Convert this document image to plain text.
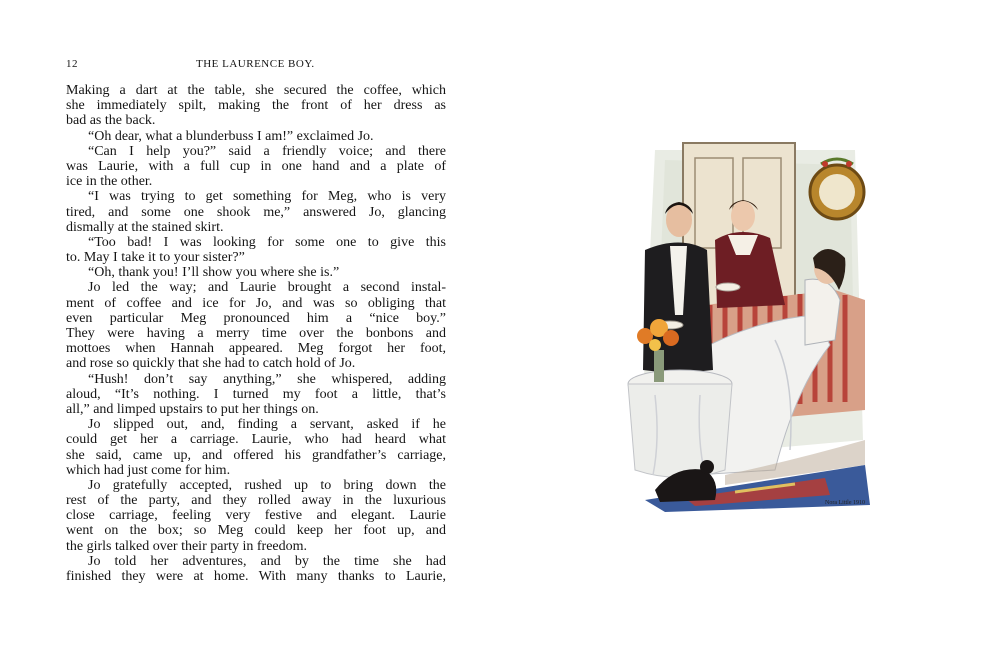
12	THE LAURENCE BOY.
Making a dart at the table, she secured the coffee, which
she immediately spilt, making the front of her dress as
bad as the back.
“Oh dear, what a blunderbuss I am!” exclaimed Jo.
“Can I help you?” said a friendly voice; and there
was Laurie, with a full cup in one hand and a plate of
ice in the other.
“I was trying to get something for Meg, who is very
tired, and some one shook me,” answered Jo, glancing
dismally at the stained skirt.
“Too bad! I was looking for some one to give this
to. May I take it to your sister?”
“Oh, thank you! I’ll show you where she is.”
Jo led the way; and Laurie brought a second instal-
ment of coffee and ice for Jo, and was so obliging that
even particular Meg pronounced him a “nice boy.”
They were having a merry time over the bonbons and
mottoes when Hannah appeared. Meg forgot her foot,
and rose so quickly that she had to catch hold of Jo.
“Hush! don’t say anything,” she whispered, adding
aloud, “It’s nothing. I turned my foot a little, that’s
all,” and limped upstairs to put her things on.
Jo slipped out, and, finding a servant, asked if he
could get her a carriage. Laurie, who had heard what
she said, came up, and offered his grandfather’s carriage,
which had just come for him.
Jo gratefully accepted, rushed up to bring down the
rest of the party, and they rolled away in the luxurious
close carriage, feeling very festive and elegant. Laurie
went on the box; so Meg could keep her foot up, and
the girls talked over their party in freedom.
Jo told her adventures, and by the time she had
finished they were at home. With many thanks to Laurie,
Nora Little 1910
